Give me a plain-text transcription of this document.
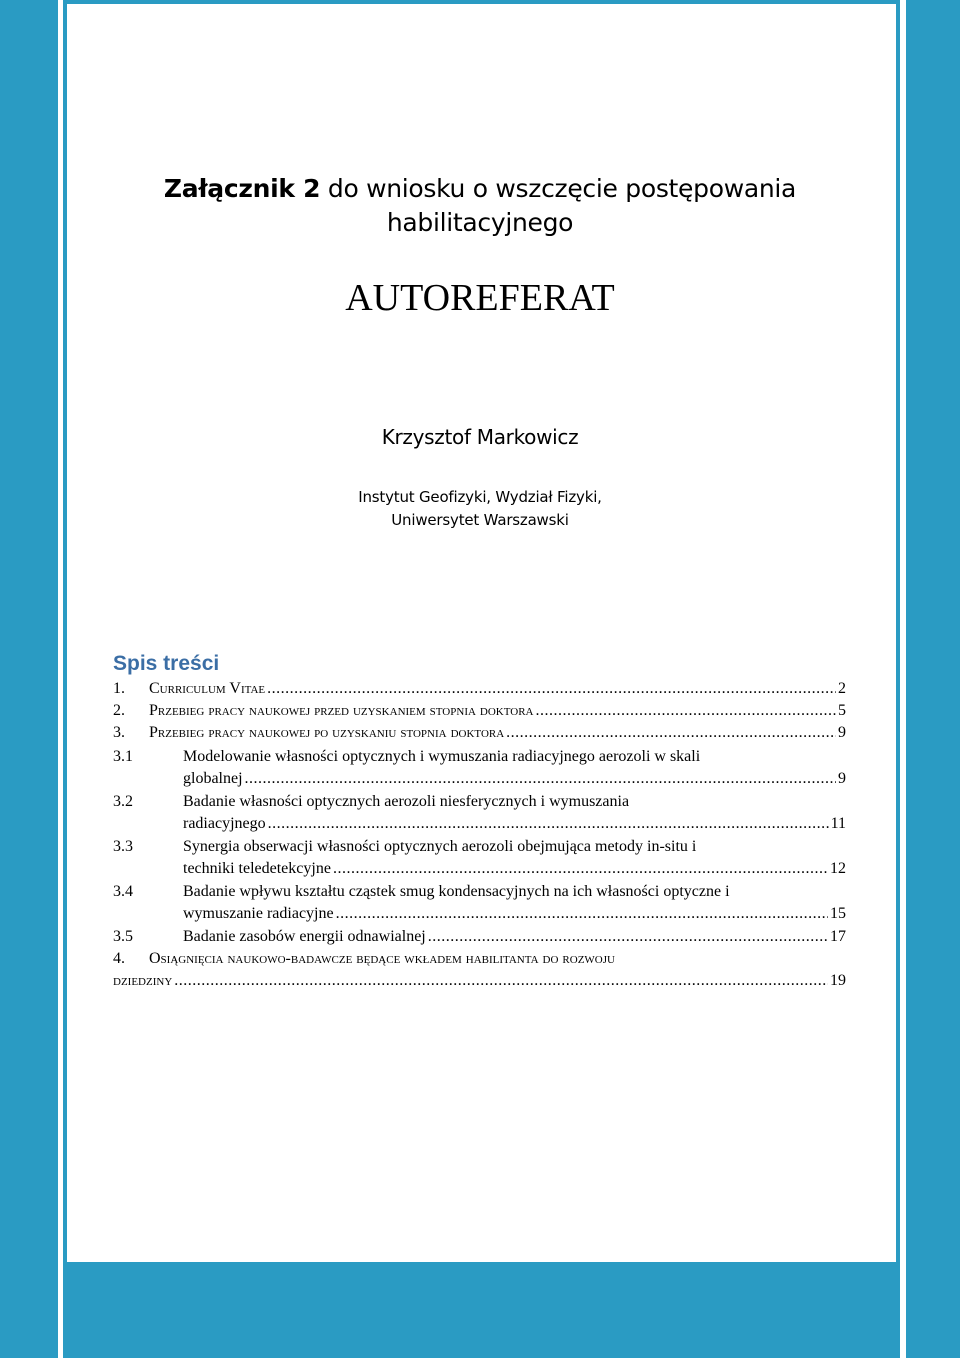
Załącznik 2 do wniosku o wszczęcie postępowania
habilitacyjnego
AUTOREFERAT
Krzysztof Markowicz
Instytut Geofizyki, Wydział Fizyki,
Uniwersytet Warszawski
Spis treści
1.	Curriculum Vitae .....	2
2.	Przebieg pracy naukowej przed uzyskaniem stopnia doktora .....	5
3.	Przebieg pracy naukowej po uzyskaniu stopnia doktora .....	9
3.1	Modelowanie własności optycznych i wymuszania radiacyjnego aerozoli w skali
globalnej .....	9
3.2	Badanie własności optycznych aerozoli niesferycznych i wymuszania
radiacyjnego .....	11
3.3	Synergia obserwacji własności optycznych aerozoli obejmująca metody in-situ i
techniki teledetekcyjne .....	12
3.4	Badanie wpływu kształtu cząstek smug kondensacyjnych na ich własności optyczne i
wymuszanie radiacyjne .....	15
3.5	Badanie zasobów energii odnawialnej .....	17
4.	Osiągnięcia naukowo-badawcze będące wkładem habilitanta do rozwoju
dziedziny .....	19
